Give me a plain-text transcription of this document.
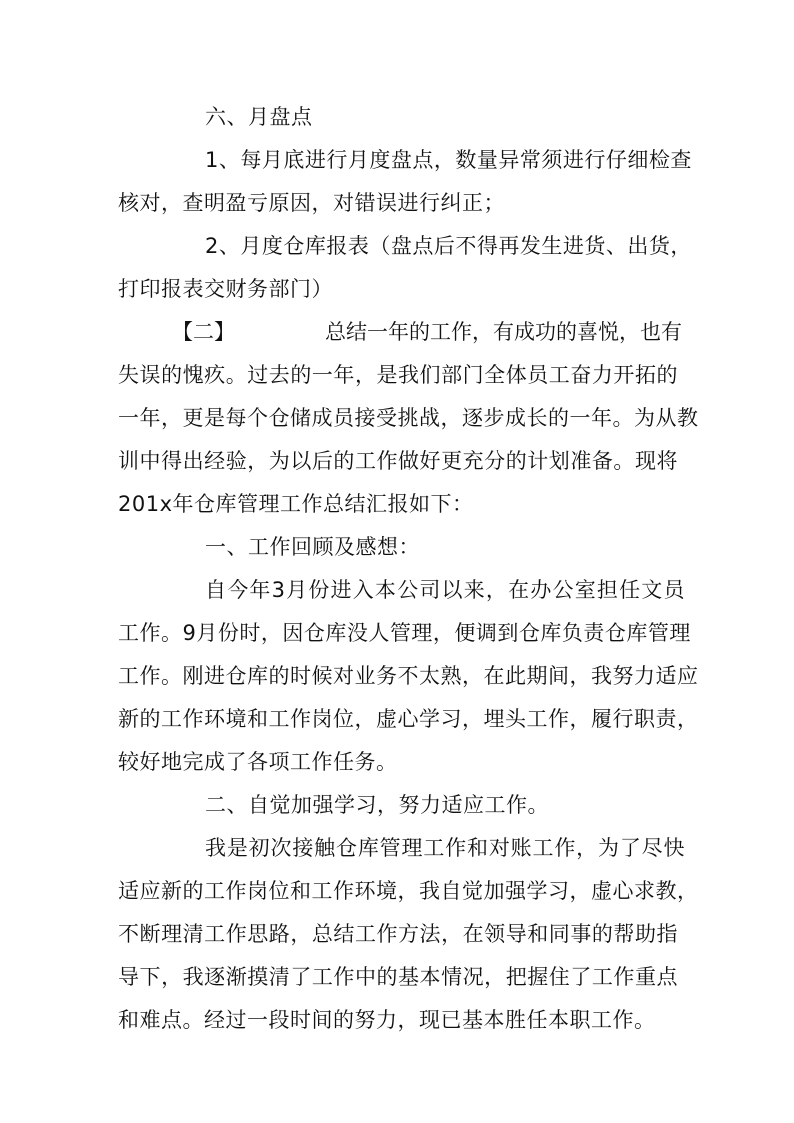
六、月盘点
1、每月底进行月度盘点，数量异常须进行仔细检查
核对，查明盈亏原因，对错误进行纠正；
2、月度仓库报表（盘点后不得再发生进货、出货，
打印报表交财务部门）
【二】	总结一年的工作，有成功的喜悦，也有
失误的愧疚。过去的一年，是我们部门全体员工奋力开拓的
一年，更是每个仓储成员接受挑战，逐步成长的一年。为从教
训中得出经验，为以后的工作做好更充分的计划准备。现将
201x年仓库管理工作总结汇报如下：
一、工作回顾及感想：
自今年3月份进入本公司以来，在办公室担任文员
工作。9月份时，因仓库没人管理，便调到仓库负责仓库管理
工作。刚进仓库的时候对业务不太熟，在此期间，我努力适应
新的工作环境和工作岗位，虚心学习，埋头工作，履行职责，
较好地完成了各项工作任务。
二、自觉加强学习，努力适应工作。
我是初次接触仓库管理工作和对账工作，为了尽快
适应新的工作岗位和工作环境，我自觉加强学习，虚心求教，
不断理清工作思路，总结工作方法，在领导和同事的帮助指
导下，我逐渐摸清了工作中的基本情况，把握住了工作重点
和难点。经过一段时间的努力，现已基本胜任本职工作。
